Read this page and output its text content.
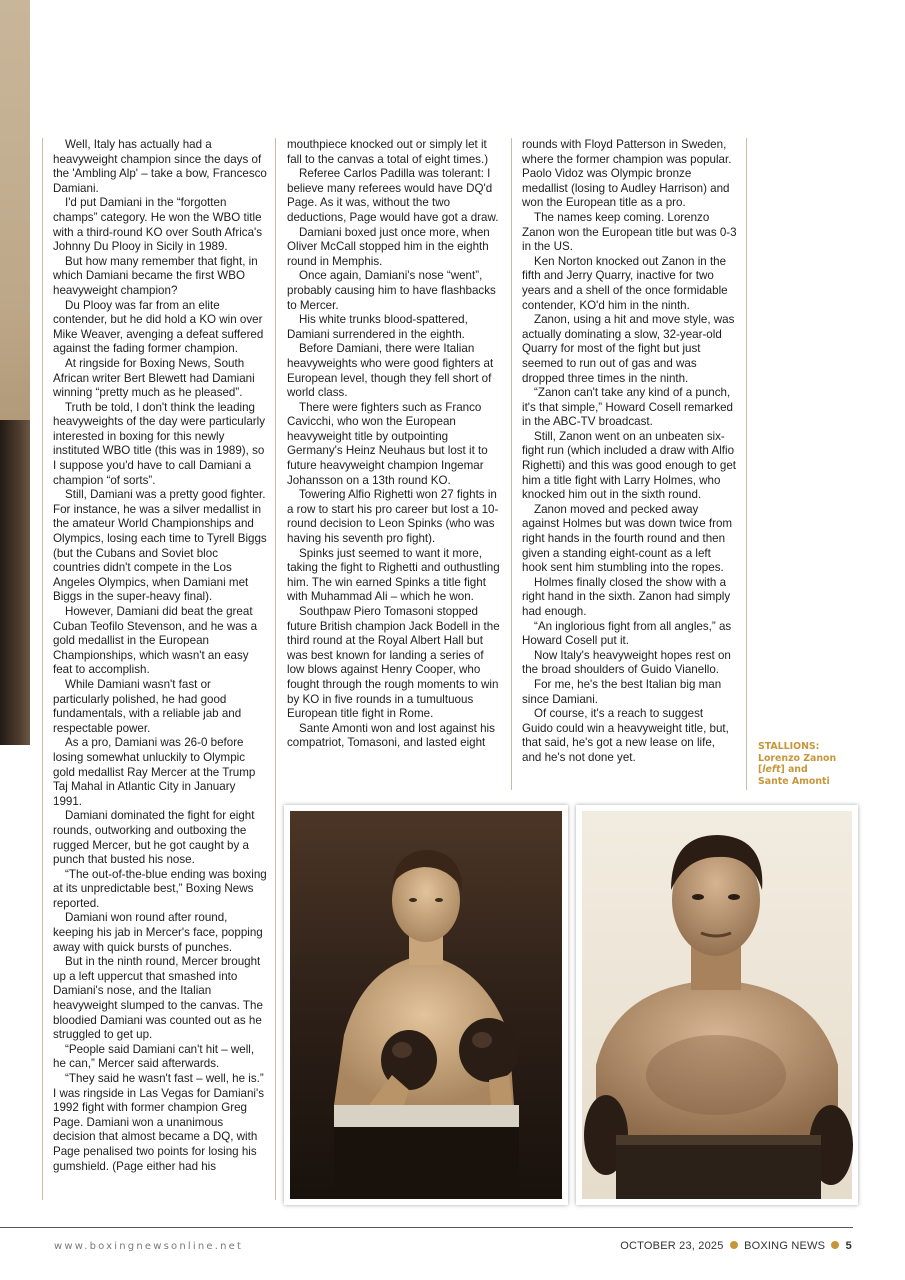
Well, Italy has actually had a heavyweight champion since the days of the 'Ambling Alp' – take a bow, Francesco Damiani.

I'd put Damiani in the “forgotten champs” category. He won the WBO title with a third-round KO over South Africa's Johnny Du Plooy in Sicily in 1989.

But how many remember that fight, in which Damiani became the first WBO heavyweight champion?

Du Plooy was far from an elite contender, but he did hold a KO win over Mike Weaver, avenging a defeat suffered against the fading former champion.

At ringside for Boxing News, South African writer Bert Blewett had Damiani winning “pretty much as he pleased”.

Truth be told, I don't think the leading heavyweights of the day were particularly interested in boxing for this newly instituted WBO title (this was in 1989), so I suppose you'd have to call Damiani a champion “of sorts”.

Still, Damiani was a pretty good fighter. For instance, he was a silver medallist in the amateur World Championships and Olympics, losing each time to Tyrell Biggs (but the Cubans and Soviet bloc countries didn't compete in the Los Angeles Olympics, when Damiani met Biggs in the super-heavy final).

However, Damiani did beat the great Cuban Teofilo Stevenson, and he was a gold medallist in the European Championships, which wasn't an easy feat to accomplish.

While Damiani wasn't fast or particularly polished, he had good fundamentals, with a reliable jab and respectable power.

As a pro, Damiani was 26-0 before losing somewhat unluckily to Olympic gold medallist Ray Mercer at the Trump Taj Mahal in Atlantic City in January 1991.

Damiani dominated the fight for eight rounds, outworking and outboxing the rugged Mercer, but he got caught by a punch that busted his nose.

“The out-of-the-blue ending was boxing at its unpredictable best,” Boxing News reported.

Damiani won round after round, keeping his jab in Mercer's face, popping away with quick bursts of punches.

But in the ninth round, Mercer brought up a left uppercut that smashed into Damiani's nose, and the Italian heavyweight slumped to the canvas. The bloodied Damiani was counted out as he struggled to get up.

“People said Damiani can't hit – well, he can,” Mercer said afterwards.

“They said he wasn't fast – well, he is.” I was ringside in Las Vegas for Damiani's 1992 fight with former champion Greg Page. Damiani won a unanimous decision that almost became a DQ, with Page penalised two points for losing his gumshield. (Page either had his

mouthpiece knocked out or simply let it fall to the canvas a total of eight times.)

Referee Carlos Padilla was tolerant: I believe many referees would have DQ'd Page. As it was, without the two deductions, Page would have got a draw.

Damiani boxed just once more, when Oliver McCall stopped him in the eighth round in Memphis.

Once again, Damiani's nose “went”, probably causing him to have flashbacks to Mercer.

His white trunks blood-spattered, Damiani surrendered in the eighth.

Before Damiani, there were Italian heavyweights who were good fighters at European level, though they fell short of world class.

There were fighters such as Franco Cavicchi, who won the European heavyweight title by outpointing Germany's Heinz Neuhaus but lost it to future heavyweight champion Ingemar Johansson on a 13th round KO.

Towering Alfio Righetti won 27 fights in a row to start his pro career but lost a 10-round decision to Leon Spinks (who was having his seventh pro fight).

Spinks just seemed to want it more, taking the fight to Righetti and outhustling him. The win earned Spinks a title fight with Muhammad Ali – which he won.

Southpaw Piero Tomasoni stopped future British champion Jack Bodell in the third round at the Royal Albert Hall but was best known for landing a series of low blows against Henry Cooper, who fought through the rough moments to win by KO in five rounds in a tumultuous European title fight in Rome.

Sante Amonti won and lost against his compatriot, Tomasoni, and lasted eight

rounds with Floyd Patterson in Sweden, where the former champion was popular. Paolo Vidoz was Olympic bronze medallist (losing to Audley Harrison) and won the European title as a pro.

The names keep coming. Lorenzo Zanon won the European title but was 0-3 in the US.

Ken Norton knocked out Zanon in the fifth and Jerry Quarry, inactive for two years and a shell of the once formidable contender, KO'd him in the ninth.

Zanon, using a hit and move style, was actually dominating a slow, 32-year-old Quarry for most of the fight but just seemed to run out of gas and was dropped three times in the ninth.

“Zanon can't take any kind of a punch, it's that simple,” Howard Cosell remarked in the ABC-TV broadcast.

Still, Zanon went on an unbeaten six-fight run (which included a draw with Alfio Righetti) and this was good enough to get him a title fight with Larry Holmes, who knocked him out in the sixth round.

Zanon moved and pecked away against Holmes but was down twice from right hands in the fourth round and then given a standing eight-count as a left hook sent him stumbling into the ropes.

Holmes finally closed the show with a right hand in the sixth. Zanon had simply had enough.

“An inglorious fight from all angles,” as Howard Cosell put it.

Now Italy's heavyweight hopes rest on the broad shoulders of Guido Vianello.

For me, he's the best Italian big man since Damiani.

Of course, it's a reach to suggest Guido could win a heavyweight title, but, that said, he's got a new lease on life, and he's not done yet.

STALLIONS:
Lorenzo Zanon [left] and
Sante Amonti
www.boxingnewsonline.net	OCTOBER 23, 2025 BOXING NEWS 5
